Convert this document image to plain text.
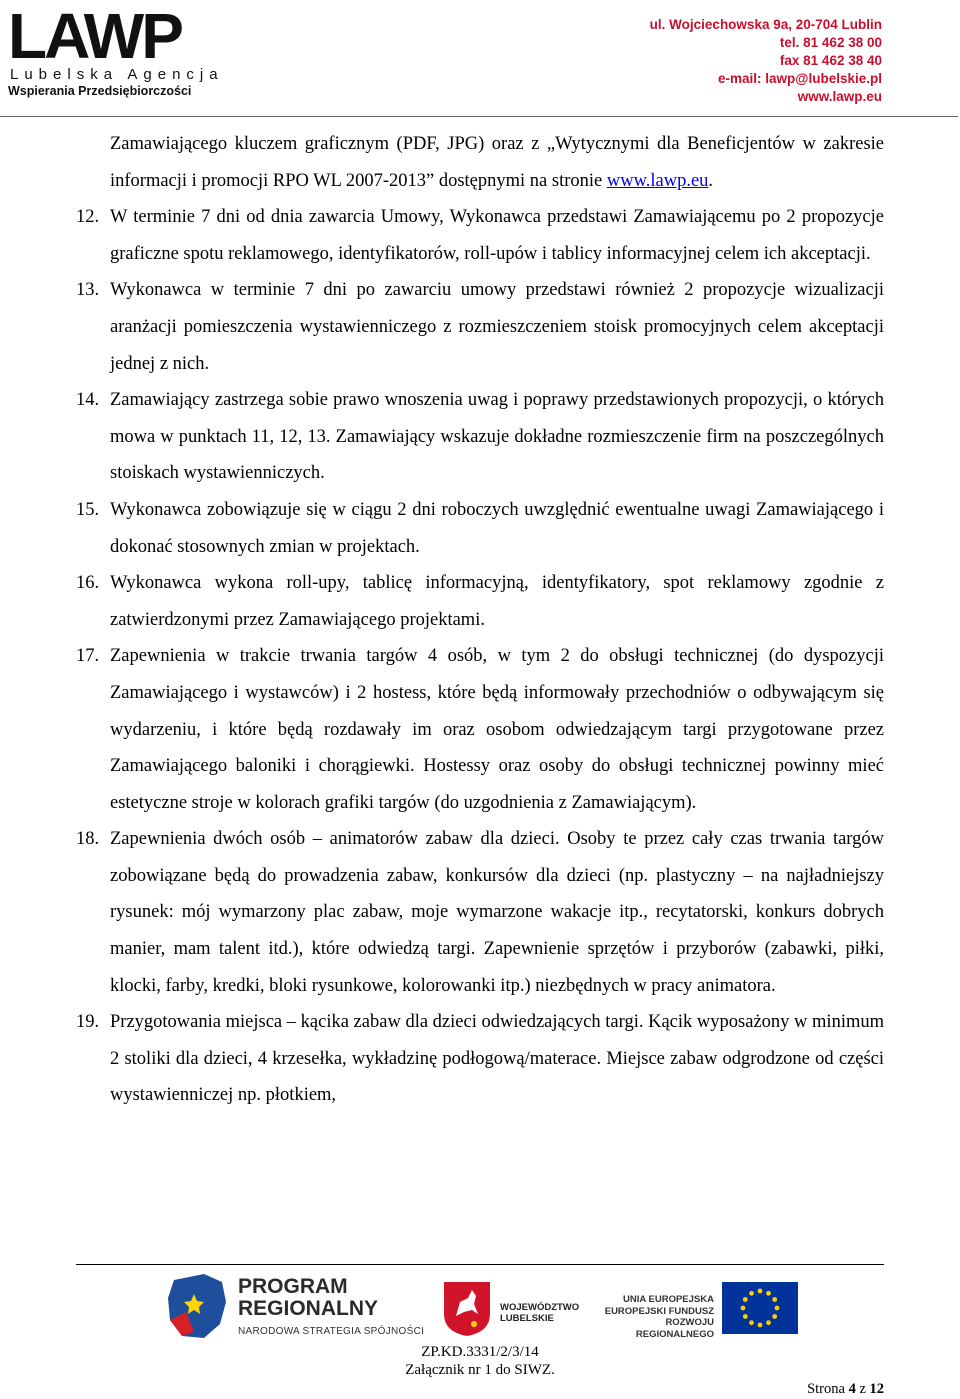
LAWP
Lubelska Agencja
Wspierania Przedsiębiorczości
ul. Wojciechowska 9a, 20-704 Lublin
tel. 81 462 38 00
fax 81 462 38 40
e-mail: lawp@lubelskie.pl
www.lawp.eu
Zamawiającego kluczem graficznym (PDF, JPG) oraz z „Wytycznymi dla Beneficjentów w zakresie informacji i promocji RPO WL 2007-2013” dostępnymi na stronie www.lawp.eu.
12. W terminie 7 dni od dnia zawarcia Umowy, Wykonawca przedstawi Zamawiającemu po 2 propozycje graficzne spotu reklamowego, identyfikatorów, roll-upów i tablicy informacyjnej celem ich akceptacji.
13. Wykonawca w terminie 7 dni po zawarciu umowy przedstawi również 2 propozycje wizualizacji aranżacji pomieszczenia wystawienniczego z rozmieszczeniem stoisk promocyjnych celem akceptacji jednej z nich.
14. Zamawiający zastrzega sobie prawo wnoszenia uwag i poprawy przedstawionych propozycji, o których mowa w punktach 11, 12, 13. Zamawiający wskazuje dokładne rozmieszczenie firm na poszczególnych stoiskach wystawienniczych.
15. Wykonawca zobowiązuje się w ciągu 2 dni roboczych uwzględnić ewentualne uwagi Zamawiającego i dokonać stosownych zmian w projektach.
16. Wykonawca wykona roll-upy, tablicę informacyjną, identyfikatory, spot reklamowy zgodnie z zatwierdzonymi przez Zamawiającego projektami.
17. Zapewnienia w trakcie trwania targów 4 osób, w tym 2 do obsługi technicznej (do dyspozycji Zamawiającego i wystawców) i 2 hostess, które będą informowały przechodniów o odbywającym się wydarzeniu, i które będą rozdawały im oraz osobom odwiedzającym targi przygotowane przez Zamawiającego baloniki i chorągiewki. Hostessy oraz osoby do obsługi technicznej powinny mieć estetyczne stroje w kolorach grafiki targów (do uzgodnienia z Zamawiającym).
18. Zapewnienia dwóch osób – animatorów zabaw dla dzieci. Osoby te przez cały czas trwania targów zobowiązane będą do prowadzenia zabaw, konkursów dla dzieci (np. plastyczny – na najładniejszy rysunek: mój wymarzony plac zabaw, moje wymarzone wakacje itp., recytatorski, konkurs dobrych manier, mam talent itd.), które odwiedzą targi. Zapewnienie sprzętów i przyborów (zabawki, piłki, klocki, farby, kredki, bloki rysunkowe, kolorowanki itp.) niezbędnych w pracy animatora.
19. Przygotowania miejsca – kącika zabaw dla dzieci odwiedzających targi. Kącik wyposażony w minimum 2 stoliki dla dzieci, 4 krzesełka, wykładzinę podłogową/materace. Miejsce zabaw odgrodzone od części wystawienniczej np. płotkiem,
PROGRAM
REGIONALNY
NARODOWA STRATEGIA SPÓJNOŚCI
WOJEWÓDZTWO
LUBELSKIE
UNIA EUROPEJSKA
EUROPEJSKI FUNDUSZ
ROZWOJU REGIONALNEGO
ZP.KD.3331/2/3/14
Załącznik nr 1 do SIWZ.
Strona 4 z 12
